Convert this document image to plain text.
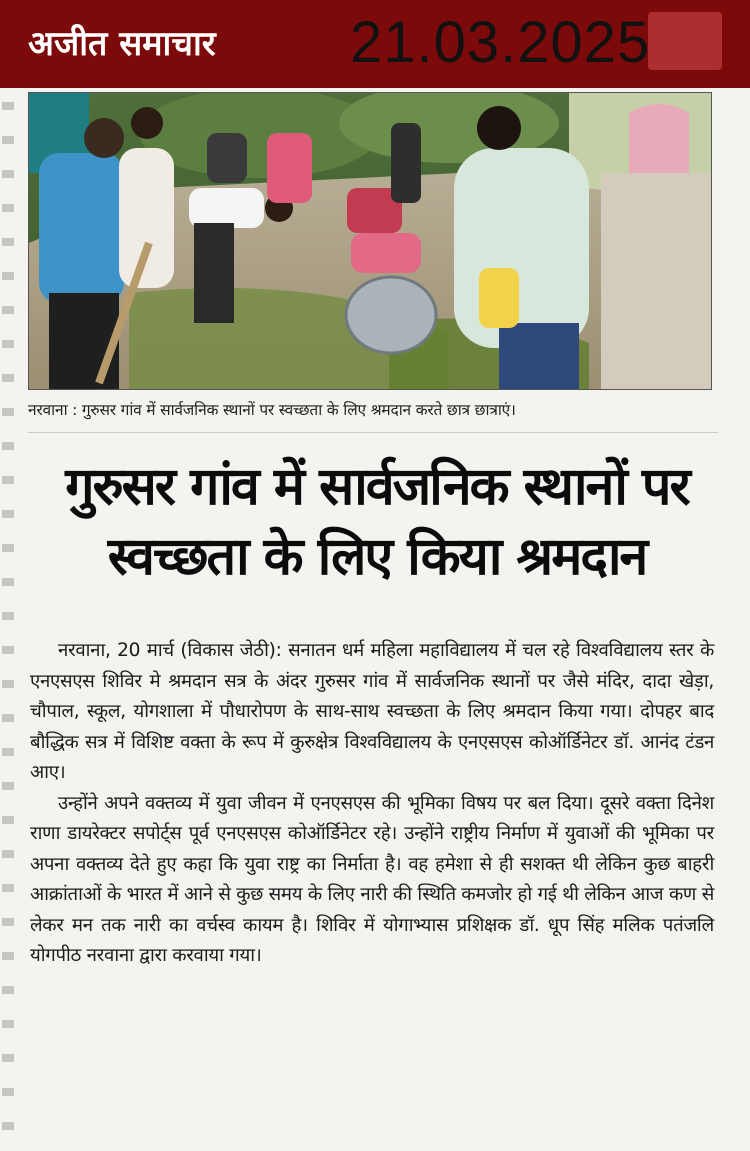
अजीत समाचार 21.03.2025
नरवाना : गुरुसर गांव में सार्वजनिक स्थानों पर स्वच्छता के लिए श्रमदान करते छात्र छात्राएं।
गुरुसर गांव में सार्वजनिक स्थानों पर
स्वच्छता के लिए किया श्रमदान

नरवाना, 20 मार्च (विकास जेठी): सनातन धर्म महिला महाविद्यालय में चल रहे विश्वविद्यालय स्तर के एनएसएस शिविर मे श्रमदान सत्र के अंदर गुरुसर गांव में सार्वजनिक स्थानों पर जैसे मंदिर, दादा खेड़ा, चौपाल, स्कूल, योगशाला में पौधारोपण के साथ-साथ स्वच्छता के लिए श्रमदान किया गया। दोपहर बाद बौद्धिक सत्र में विशिष्ट वक्ता के रूप में कुरुक्षेत्र विश्वविद्यालय के एनएसएस कोऑर्डिनेटर डॉ. आनंद टंडन आए।

उन्होंने अपने वक्तव्य में युवा जीवन में एनएसएस की भूमिका विषय पर बल दिया। दूसरे वक्ता दिनेश राणा डायरेक्टर सपोर्ट्स पूर्व एनएसएस कोऑर्डिनेटर रहे। उन्होंने राष्ट्रीय निर्माण में युवाओं की भूमिका पर अपना वक्तव्य देते हुए कहा कि युवा राष्ट्र का निर्माता है। वह हमेशा से ही सशक्त थी लेकिन कुछ बाहरी आक्रांताओं के भारत में आने से कुछ समय के लिए नारी की स्थिति कमजोर हो गई थी लेकिन आज कण से लेकर मन तक नारी का वर्चस्व कायम है। शिविर में योगाभ्यास प्रशिक्षक डॉ. धूप सिंह मलिक पतंजलि योगपीठ नरवाना द्वारा करवाया गया।
